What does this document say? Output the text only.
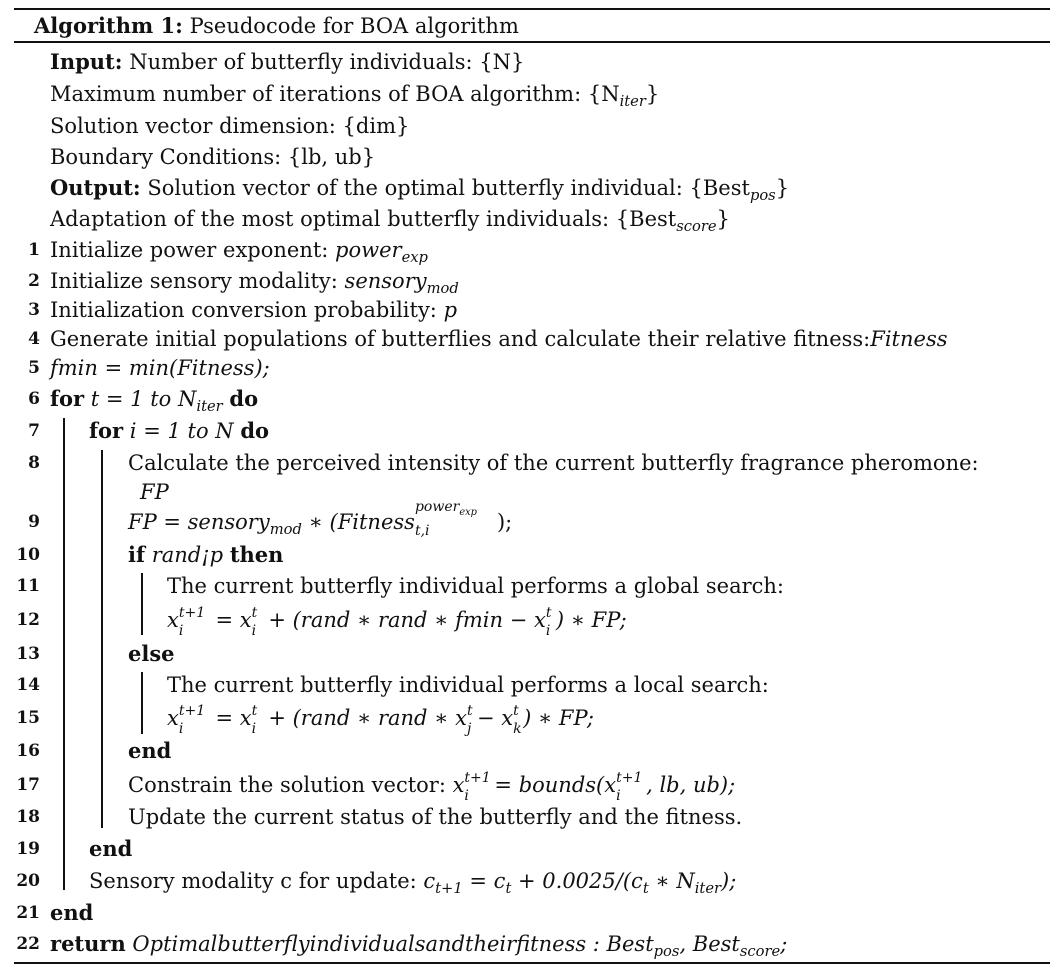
Algorithm 1: Pseudocode for BOA algorithm
Input: Number of butterfly individuals: {N}
Maximum number of iterations of BOA algorithm: $\{N_{iter}\}$
Solution vector dimension: {dim}
Boundary Conditions: {lb, ub}
Output: Solution vector of the optimal butterfly individual: {Best$_{pos}$}
Adaptation of the most optimal butterfly individuals: {Best$_{score}$}
1
2
3
4
5
6
7
8
9
10
11
12
13
14
15
16
17
18
19
20
21
22
Initialize power exponent: power$_{exp}$
Initialize sensory modality: sensory$_{mod}$
Initialization conversion probability: p
Generate initial populations of butterflies and calculate their relative fitness:Fitness
fmin = min(Fitness);
for t = 1 to $N_{iter}$ do
for i = 1 to N do
Calculate the perceived intensity of the current butterfly fragrance pheromone:
FP
FP = sensory$_{mod}$ ∗ (Fitness
power$_{exp}$
t,i	);
if rand¡p then
The current butterfly individual performs a global search:
x t+1
i = x t
i + (rand ∗ rand ∗ fmin − x t
i ) ∗ FP;
else
The current butterfly individual performs a local search:
x t+1
i = x t
i + (rand ∗ rand ∗ x t
j − x t
k ) ∗ FP;
end
Constrain the solution vector: x t+1
i = bounds(x t+1
i , lb, ub);
Update the current status of the butterfly and the fitness.
end
Sensory modality c for update: $c_{t+1} = c_t + 0.0025/(c_t$ ∗ $N_{iter}$);
end
return Optimalbutterflyindividualsandtheirfitness : Best$_{pos}$, Best$_{score}$;
